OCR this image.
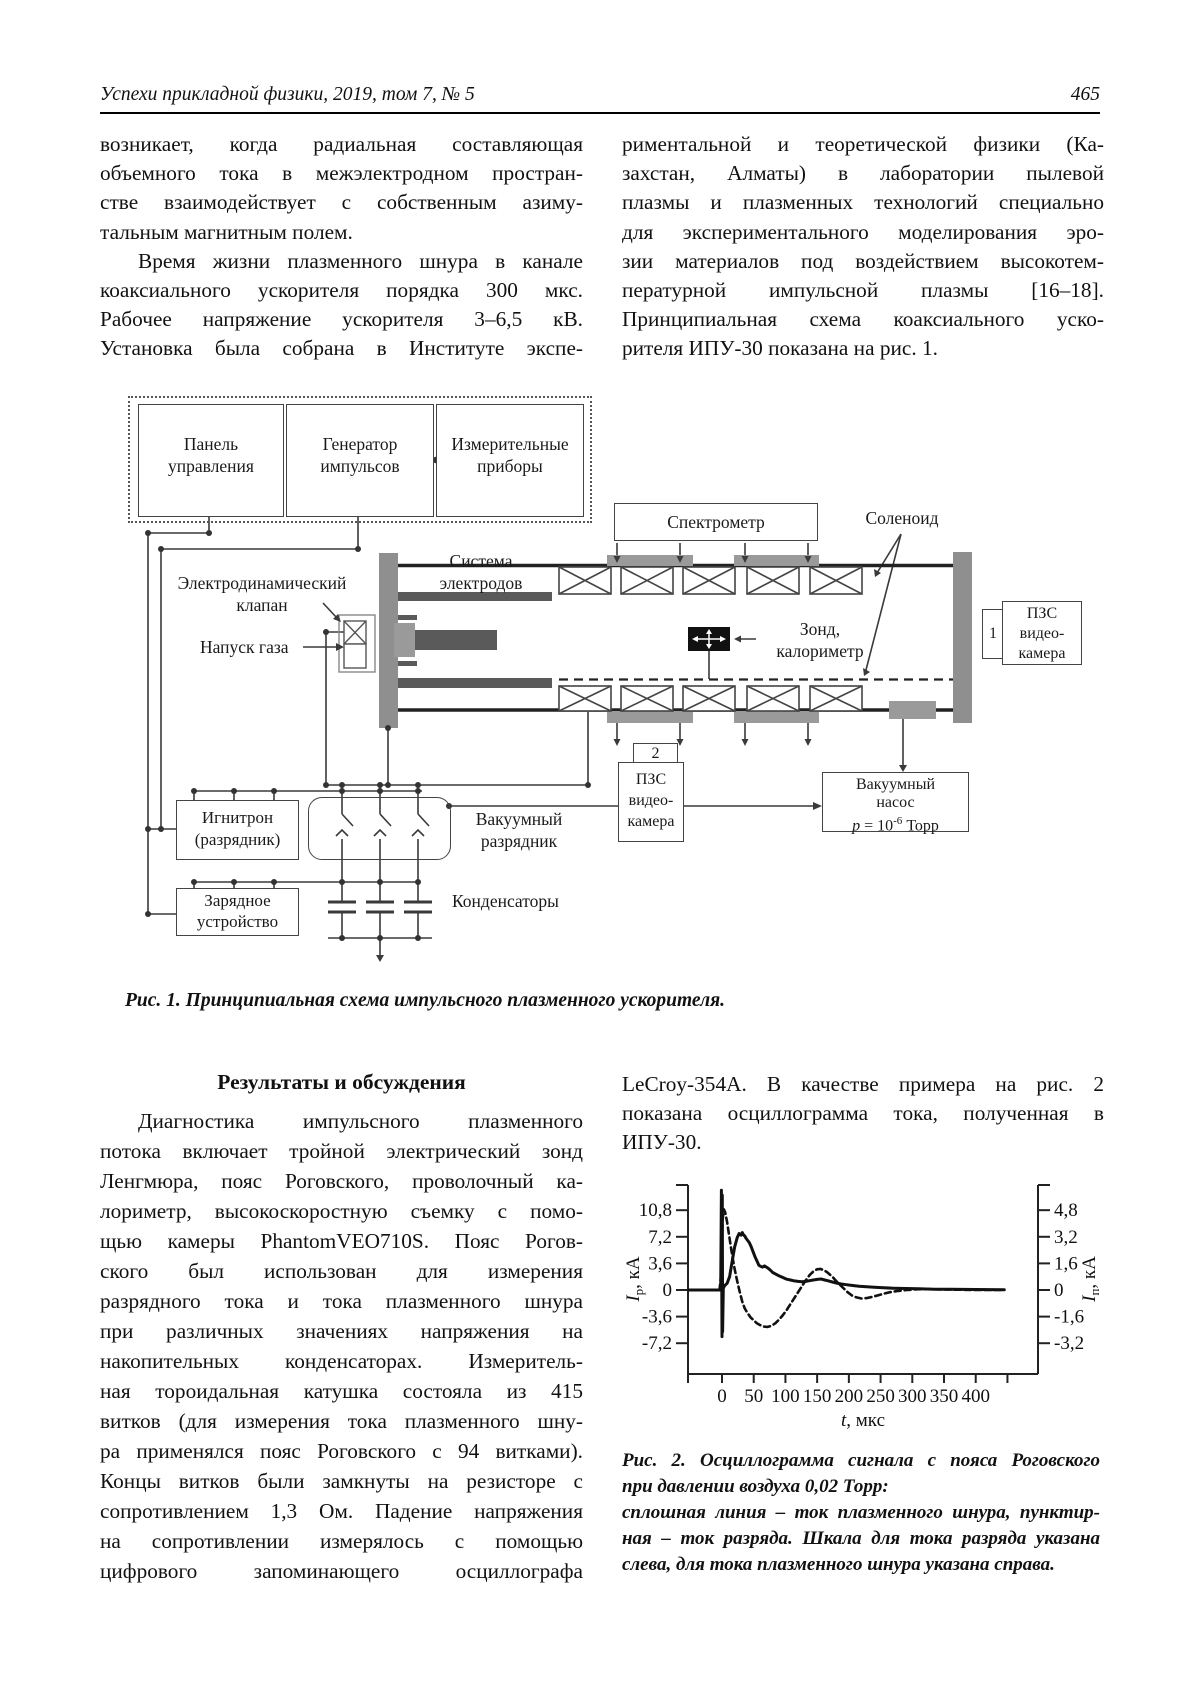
Успехи прикладной физики, 2019, том 7, № 5	465
возникает, когда радиальная составляющая
объемного тока в межэлектродном простран-
стве взаимодействует с собственным азиму-
тальным магнитным полем.
Время жизни плазменного шнура в канале
коаксиального ускорителя порядка 300 мкс.
Рабочее напряжение ускорителя 3–6,5 кВ.
Установка была собрана в Институте экспе-
риментальной и теоретической физики (Ка-
захстан, Алматы) в лаборатории пылевой
плазмы и плазменных технологий специально
для экспериментального моделирования эро-
зии материалов под воздействием высокотем-
пературной импульсной плазмы [16–18].
Принципиальная схема коаксиального уско-
рителя ИПУ-30 показана на рис. 1.
Панель
управления
Генератор
импульсов
Измерительные
приборы
Спектрометр
1
ПЗС
видео-
камера
2
ПЗС
видео-
камера
Вакуумный
насос
$p = 10^{-6}$ Торр
Игнитрон
(разрядник)
Зарядное
устройство
Система
электродов
Электродинамический
клапан
Напуск газа
Соленоид
Зонд,
калориметр
Вакуумный
разрядник
Конденсаторы
Рис. 1. Принципиальная схема импульсного плазменного ускорителя.
Результаты и обсуждения
Диагностика импульсного плазменного
потока включает тройной электрический зонд
Ленгмюра, пояс Роговского, проволочный ка-
лориметр, высокоскоростную съемку с помо-
щью камеры PhantomVEO710S. Пояс Рогов-
ского был использован для измерения
разрядного тока и тока плазменного шнура
при различных значениях напряжения на
накопительных конденсаторах. Измеритель-
ная тороидальная катушка состояла из 415
витков (для измерения тока плазменного шну-
ра применялся пояс Роговского с 94 витками).
Концы витков были замкнуты на резисторе с
сопротивлением 1,3 Ом. Падение напряжения
на сопротивлении измерялось с помощью
цифрового запоминающего осциллографа
LeCroy-354A. В качестве примера на рис. 2
показана осциллограмма тока, полученная в
ИПУ-30.
10,8
7,2
3,6
0
-3,6
-7,2
4,8
3,2
1,6
0
-1,6
-3,2
0 50 100 150 200 250 300 350 400
t, мкс
$I_р$, кА
$I_п$, кА
Рис. 2. Осциллограмма сигнала с пояса Роговского
при давлении воздуха 0,02 Торр:
сплошная линия – ток плазменного шнура, пунктир-
ная – ток разряда. Шкала для тока разряда указана
слева, для тока плазменного шнура указана справа.
